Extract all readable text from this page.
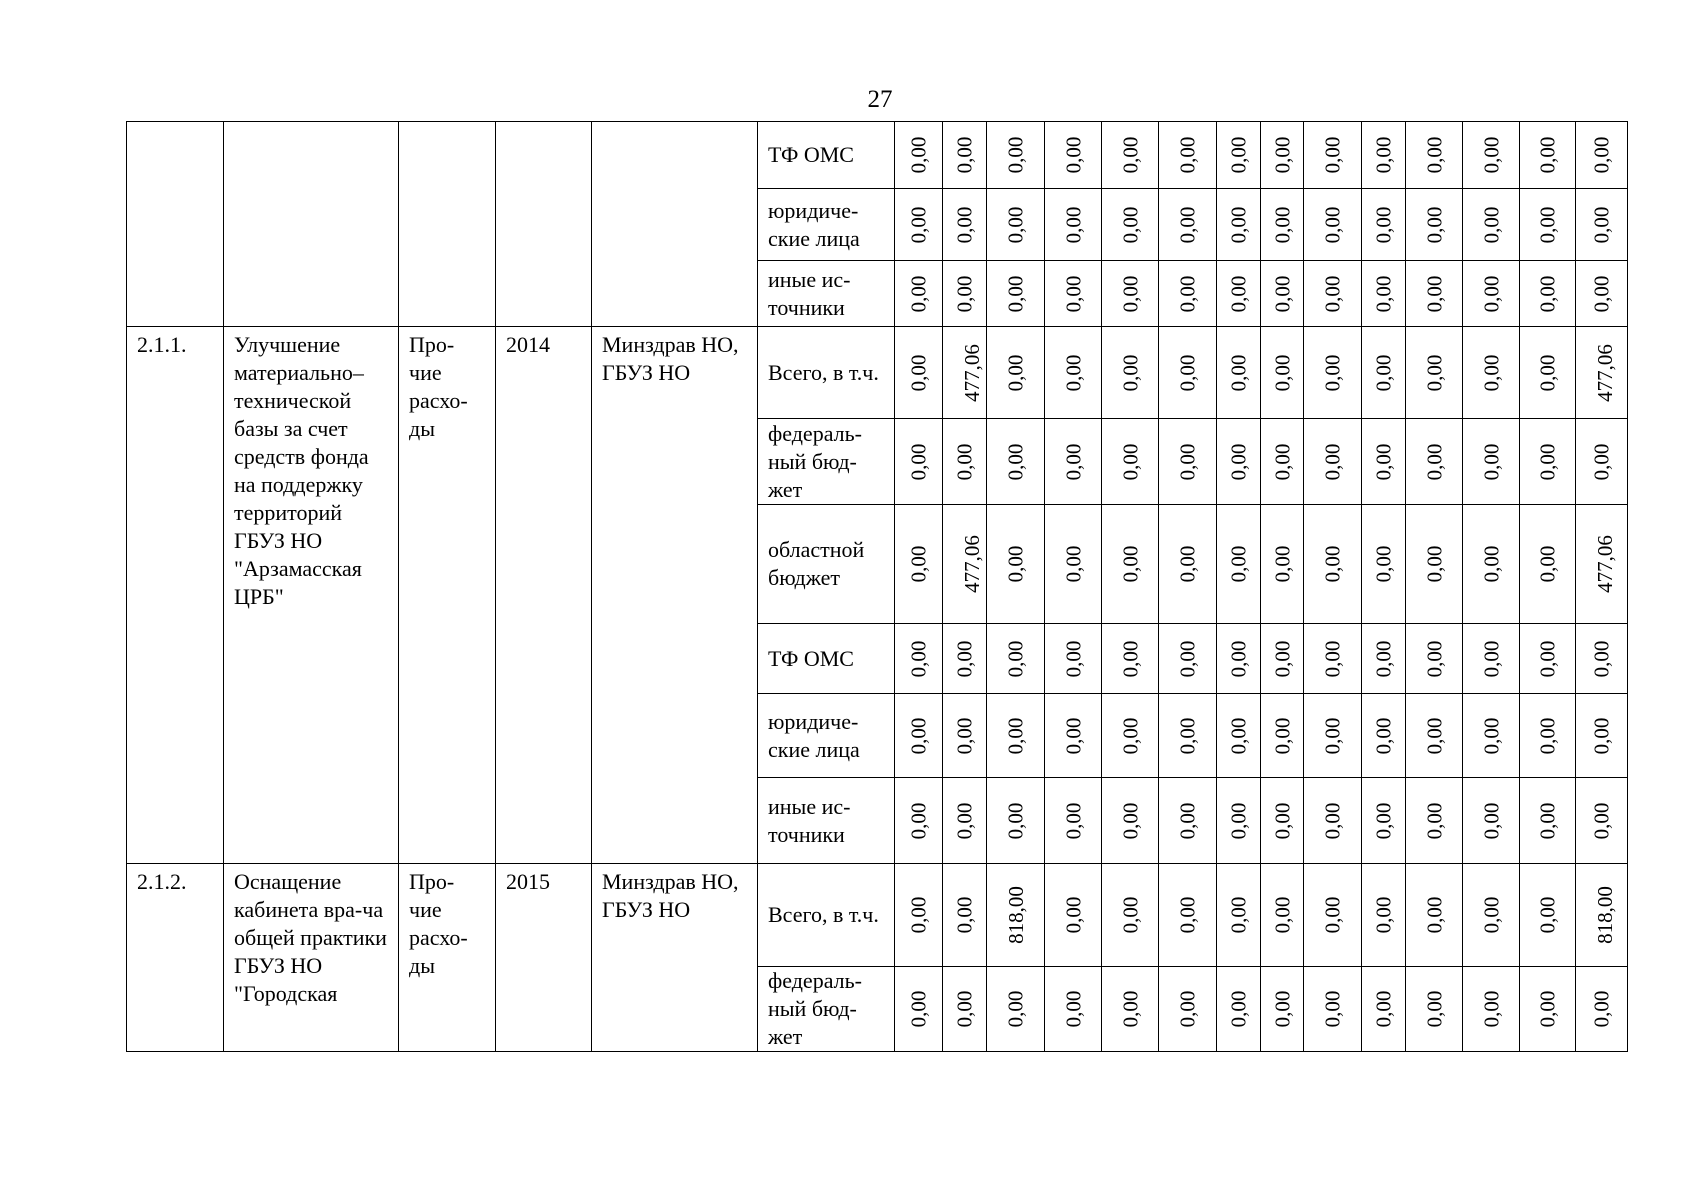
27
					ТФ ОМС	0,00	0,00	0,00	0,00	0,00	0,00	0,00	0,00	0,00	0,00	0,00	0,00	0,00	0,00
					юридиче-ские лица	0,00	0,00	0,00	0,00	0,00	0,00	0,00	0,00	0,00	0,00	0,00	0,00	0,00	0,00
					иные ис-точники	0,00	0,00	0,00	0,00	0,00	0,00	0,00	0,00	0,00	0,00	0,00	0,00	0,00	0,00
2.1.1.	Улучшение материально– технической базы за счет средств фонда на поддержку территорий ГБУЗ НО "Арзамасская ЦРБ"	Про-чие расхо-ды	2014	Минздрав НО, ГБУЗ НО	Всего, в т.ч.	0,00	477,06	0,00	0,00	0,00	0,00	0,00	0,00	0,00	0,00	0,00	0,00	0,00	477,06
					федераль-ный бюд-жет	0,00	0,00	0,00	0,00	0,00	0,00	0,00	0,00	0,00	0,00	0,00	0,00	0,00	0,00
					областной бюджет	0,00	477,06	0,00	0,00	0,00	0,00	0,00	0,00	0,00	0,00	0,00	0,00	0,00	477,06
					ТФ ОМС	0,00	0,00	0,00	0,00	0,00	0,00	0,00	0,00	0,00	0,00	0,00	0,00	0,00	0,00
					юридиче-ские лица	0,00	0,00	0,00	0,00	0,00	0,00	0,00	0,00	0,00	0,00	0,00	0,00	0,00	0,00
					иные ис-точники	0,00	0,00	0,00	0,00	0,00	0,00	0,00	0,00	0,00	0,00	0,00	0,00	0,00	0,00
2.1.2.	Оснащение кабинета вра-ча общей практики ГБУЗ НО "Городская	Про-чие расхо-ды	2015	Минздрав НО, ГБУЗ НО	Всего, в т.ч.	0,00	0,00	818,00	0,00	0,00	0,00	0,00	0,00	0,00	0,00	0,00	0,00	0,00	818,00
					федераль-ный бюд-жет	0,00	0,00	0,00	0,00	0,00	0,00	0,00	0,00	0,00	0,00	0,00	0,00	0,00	0,00
